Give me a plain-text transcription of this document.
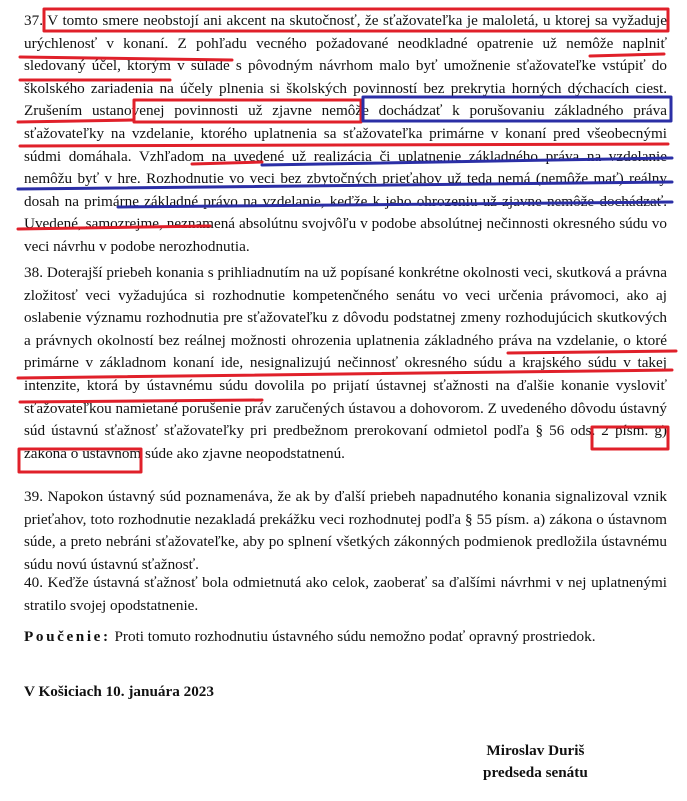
37. V tomto smere neobstojí ani akcent na skutočnosť, že sťažovateľka je maloletá, u ktorej sa vyžaduje urýchlenosť v konaní. Z pohľadu vecného požadované neodkladné opatrenie už nemôže naplniť sledovaný účel, ktorým v súlade s pôvodným návrhom malo byť umožnenie sťažovateľke vstúpiť do školského zariadenia na účely plnenia si školských povinností bez prekrytia horných dýchacích ciest. Zrušením ustanovenej povinnosti už zjavne nemôže dochádzať k porušovaniu základného práva sťažovateľky na vzdelanie, ktorého uplatnenia sa sťažovateľka primárne v konaní pred všeobecnými súdmi domáhala. Vzhľadom na uvedené už realizácia či uplatnenie základného práva na vzdelanie nemôžu byť v hre. Rozhodnutie vo veci bez zbytočných prieťahov už teda nemá (nemôže mať) reálny dosah na primárne základné právo na vzdelanie, keďže k jeho ohrozeniu už zjavne nemôže dochádzať. Uvedené, samozrejme, neznamená absolútnu svojvôľu v podobe absolútnej nečinnosti okresného súdu vo veci návrhu v podobe nerozhodnutia.

38. Doterajší priebeh konania s prihliadnutím na už popísané konkrétne okolnosti veci, skutková a právna zložitosť veci vyžadujúca si rozhodnutie kompetenčného senátu vo veci určenia právomoci, ako aj oslabenie významu rozhodnutia pre sťažovateľku z dôvodu podstatnej zmeny rozhodujúcich skutkových a právnych okolností bez reálnej možnosti ohrozenia uplatnenia základného práva na vzdelanie, o ktoré primárne v základnom konaní ide, nesignalizujú nečinnosť okresného súdu a krajského súdu v takej intenzite, ktorá by ústavnému súdu dovolila po prijatí ústavnej sťažnosti na ďalšie konanie vysloviť sťažovateľkou namietané porušenie práv zaručených ústavou a dohovorom. Z uvedeného dôvodu ústavný súd ústavnú sťažnosť sťažovateľky pri predbežnom prerokovaní odmietol podľa § 56 ods. 2 písm. g) zákona o ústavnom súde ako zjavne neopodstatnenú.

39. Napokon ústavný súd poznamenáva, že ak by ďalší priebeh napadnutého konania signalizoval vznik prieťahov, toto rozhodnutie nezakladá prekážku veci rozhodnutej podľa § 55 písm. a) zákona o ústavnom súde, a preto nebráni sťažovateľke, aby po splnení všetkých zákonných podmienok predložila ústavnému súdu novú ústavnú sťažnosť.

40. Keďže ústavná sťažnosť bola odmietnutá ako celok, zaoberať sa ďalšími návrhmi v nej uplatnenými stratilo svojej opodstatnenie.

Poučenie: Proti tomuto rozhodnutiu ústavného súdu nemožno podať opravný prostriedok.
V Košiciach 10. januára 2023
Miroslav Duriš
predseda senátu
